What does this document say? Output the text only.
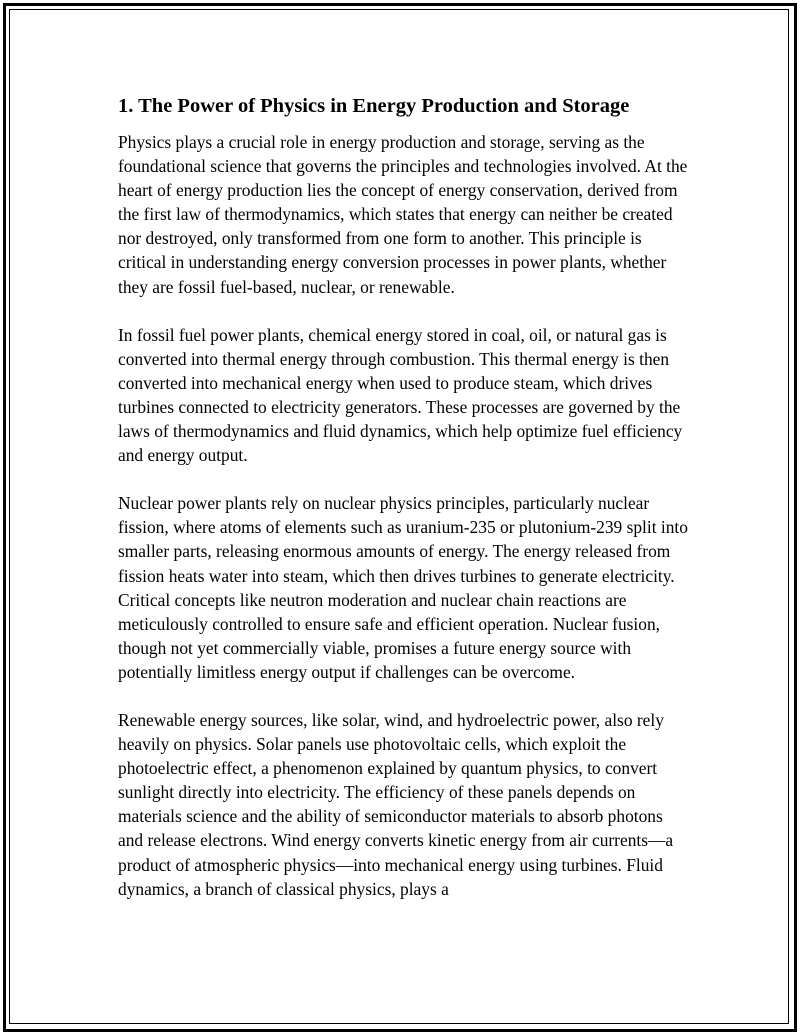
1. The Power of Physics in Energy Production and Storage

Physics plays a crucial role in energy production and storage, serving as the foundational science that governs the principles and technologies involved. At the heart of energy production lies the concept of energy conservation, derived from the first law of thermodynamics, which states that energy can neither be created nor destroyed, only transformed from one form to another. This principle is critical in understanding energy conversion processes in power plants, whether they are fossil fuel-based, nuclear, or renewable.

In fossil fuel power plants, chemical energy stored in coal, oil, or natural gas is converted into thermal energy through combustion. This thermal energy is then converted into mechanical energy when used to produce steam, which drives turbines connected to electricity generators. These processes are governed by the laws of thermodynamics and fluid dynamics, which help optimize fuel efficiency and energy output.

Nuclear power plants rely on nuclear physics principles, particularly nuclear fission, where atoms of elements such as uranium-235 or plutonium-239 split into smaller parts, releasing enormous amounts of energy. The energy released from fission heats water into steam, which then drives turbines to generate electricity. Critical concepts like neutron moderation and nuclear chain reactions are meticulously controlled to ensure safe and efficient operation. Nuclear fusion, though not yet commercially viable, promises a future energy source with potentially limitless energy output if challenges can be overcome.

Renewable energy sources, like solar, wind, and hydroelectric power, also rely heavily on physics. Solar panels use photovoltaic cells, which exploit the photoelectric effect, a phenomenon explained by quantum physics, to convert sunlight directly into electricity. The efficiency of these panels depends on materials science and the ability of semiconductor materials to absorb photons and release electrons. Wind energy converts kinetic energy from air currents—a product of atmospheric physics—into mechanical energy using turbines. Fluid dynamics, a branch of classical physics, plays a
